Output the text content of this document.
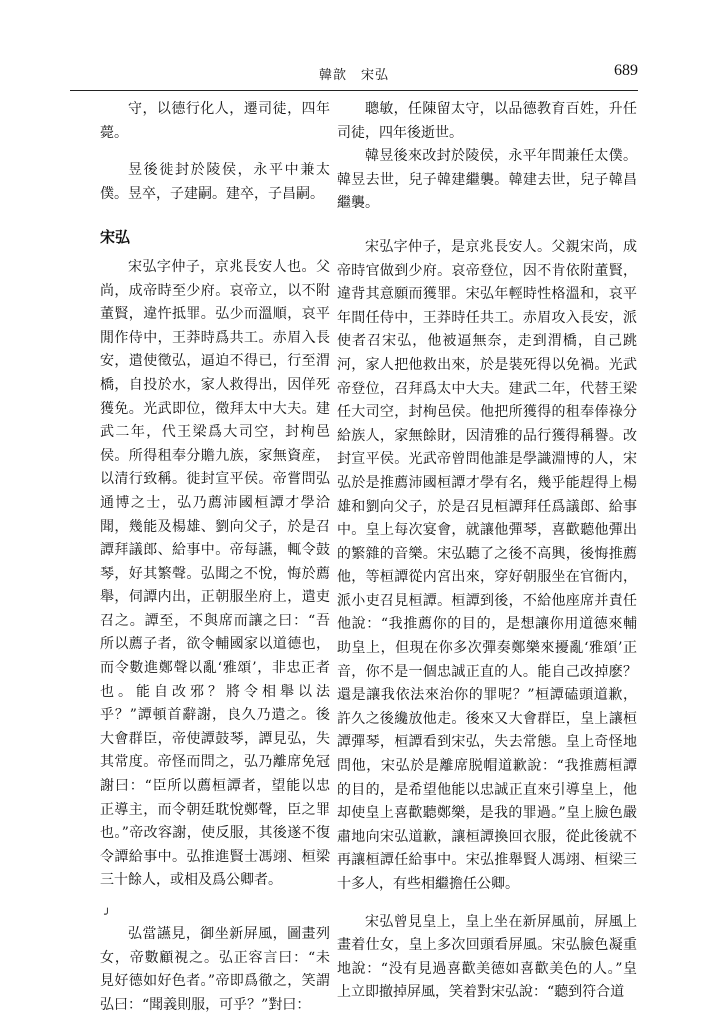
韓歆　宋弘	689

守，以德行化人，遷司徒，四年薨。

昱後徙封於陵侯，永平中兼太僕。昱卒，子建嗣。建卒，子昌嗣。

宋弘

宋弘字仲子，京兆長安人也。父尚，成帝時至少府。哀帝立，以不附董賢，違忤抵罪。弘少而溫順，哀平閒作侍中，王莽時爲共工。赤眉入長安，遣使徵弘，逼迫不得已，行至渭橋，自投於水，家人救得出，因佯死獲免。光武即位，徵拜太中大夫。建武二年，代王梁爲大司空，封栒邑侯。所得租奉分贍九族，家無資産，以清行致稱。徙封宣平侯。帝嘗問弘通博之士，弘乃薦沛國桓譚才學洽聞，幾能及楊雄、劉向父子，於是召譚拜議郎、給事中。帝每讌，輒令鼓琴，好其繁聲。弘聞之不悅，悔於薦舉，伺譚内出，正朝服坐府上，遣吏召之。譚至，不與席而讓之曰：“吾所以薦子者，欲令輔國家以道德也，而令數進鄭聲以亂‘雅頌’，非忠正者也。能自改邪？將令相舉以法乎？”譚頓首辭謝，良久乃遣之。後大會群臣，帝使譚鼓琴，譚見弘，失其常度。帝怪而問之，弘乃離席免冠謝曰：“臣所以薦桓譚者，望能以忠正導主，而令朝廷耽悅鄭聲，臣之罪也。”帝改容謝，使反服，其後遂不復令譚給事中。弘推進賢士馮翊、桓梁三十餘人，或相及爲公卿者。

╯

弘當讌見，御坐新屏風，圖畫列女，帝數顧視之。弘正容言曰：“未見好德如好色者。”帝即爲徹之，笑謂弘曰：“聞義則服，可乎？”對曰：

聰敏，任陳留太守，以品德教育百姓，升任司徒，四年後逝世。

韓昱後來改封於陵侯，永平年間兼任太僕。韓昱去世，兒子韓建繼襲。韓建去世，兒子韓昌繼襲。

宋弘字仲子，是京兆長安人。父親宋尚，成帝時官做到少府。哀帝登位，因不肯依附董賢，違背其意願而獲罪。宋弘年輕時性格溫和，哀平年間任侍中，王莽時任共工。赤眉攻入長安，派使者召宋弘，他被逼無奈，走到渭橋，自己跳河，家人把他救出來，於是裝死得以免禍。光武帝登位，召拜爲太中大夫。建武二年，代替王梁任大司空，封栒邑侯。他把所獲得的租奉俸祿分給族人，家無餘財，因清雅的品行獲得稱譽。改封宣平侯。光武帝曾問他誰是學識淵博的人，宋弘於是推薦沛國桓譚才學有名，幾乎能趕得上楊雄和劉向父子，於是召見桓譚拜任爲議郎、給事中。皇上每次宴會，就讓他彈琴，喜歡聽他彈出的繁雜的音樂。宋弘聽了之後不高興，後悔推薦他，等桓譚從内宮出來，穿好朝服坐在官衙内，派小吏召見桓譚。桓譚到後，不給他座席并責任他說：“我推薦你的目的，是想讓你用道德來輔助皇上，但現在你多次彈奏鄭樂來擾亂‘雅頌’正音，你不是一個忠誠正直的人。能自己改掉麽？還是讓我依法來治你的罪呢？”桓譚磕頭道歉，許久之後纔放他走。後來又大會群臣，皇上讓桓譚彈琴，桓譚看到宋弘，失去常態。皇上奇怪地問他，宋弘於是離席脱帽道歉說：“我推薦桓譚的目的，是希望他能以忠誠正直來引導皇上，他却使皇上喜歡聽鄭樂，是我的罪過。”皇上臉色嚴肅地向宋弘道歉，讓桓譚換回衣服，從此後就不再讓桓譚任給事中。宋弘推舉賢人馮翊、桓梁三十多人，有些相繼擔任公卿。

宋弘曾見皇上，皇上坐在新屏風前，屏風上畫着仕女，皇上多次回頭看屏風。宋弘臉色凝重地說：“没有見過喜歡美德如喜歡美色的人。”皇上立即撤掉屏風，笑着對宋弘說：“聽到符合道
